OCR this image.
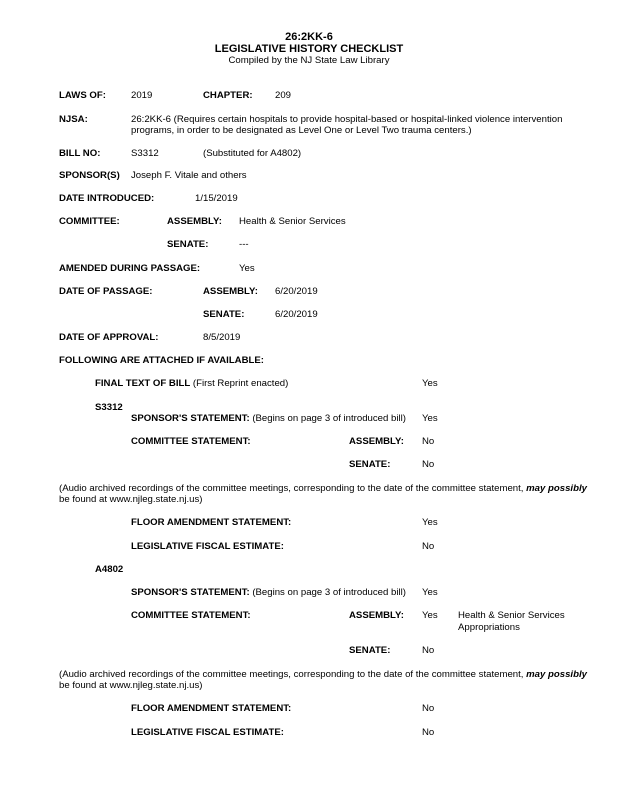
26:2KK-6
LEGISLATIVE HISTORY CHECKLIST
Compiled by the NJ State Law Library
LAWS OF:	2019	CHAPTER: 209
NJSA:	26:2KK-6 (Requires certain hospitals to provide hospital-based or hospital-linked violence intervention
programs, in order to be designated as Level One or Level Two trauma centers.)
BILL NO:	S3312	(Substituted for A4802)
SPONSOR(S) Joseph F. Vitale and others
DATE INTRODUCED:	1/15/2019
COMMITTEE:	ASSEMBLY: Health & Senior Services
SENATE:	---
AMENDED DURING PASSAGE:	Yes
DATE OF PASSAGE:	ASSEMBLY: 6/20/2019
SENATE:	6/20/2019
DATE OF APPROVAL:	8/5/2019
FOLLOWING ARE ATTACHED IF AVAILABLE:
FINAL TEXT OF BILL (First Reprint enacted)	Yes
S3312
SPONSOR'S STATEMENT: (Begins on page 3 of introduced bill) Yes
COMMITTEE STATEMENT:	ASSEMBLY: No
SENATE:	No
(Audio archived recordings of the committee meetings, corresponding to the date of the committee statement, may possibly
be found at www.njleg.state.nj.us)
FLOOR AMENDMENT STATEMENT:	Yes
LEGISLATIVE FISCAL ESTIMATE:	No
A4802
SPONSOR'S STATEMENT: (Begins on page 3 of introduced bill) Yes
COMMITTEE STATEMENT:	ASSEMBLY: Yes Health & Senior Services
Appropriations
SENATE:	No
(Audio archived recordings of the committee meetings, corresponding to the date of the committee statement, may possibly
be found at www.njleg.state.nj.us)
FLOOR AMENDMENT STATEMENT:	No
LEGISLATIVE FISCAL ESTIMATE:	No
